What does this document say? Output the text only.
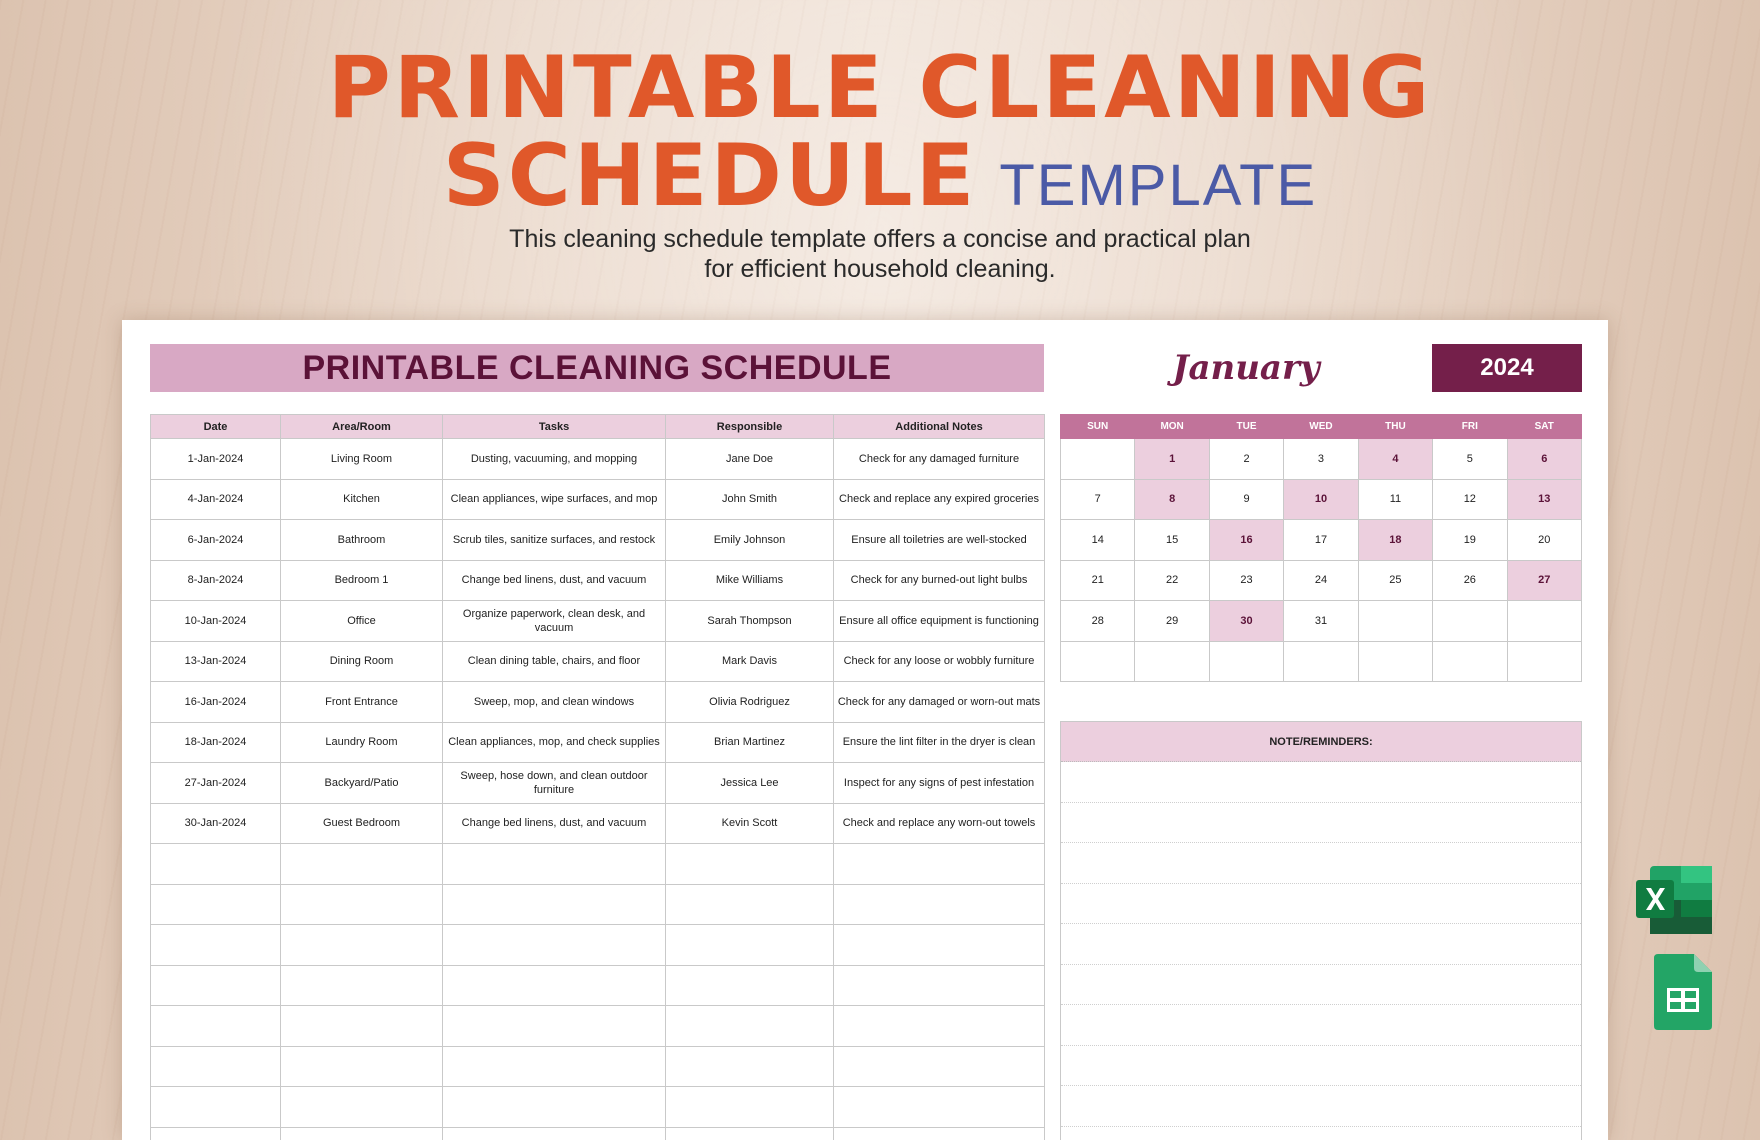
PRINTABLE CLEANING
SCHEDULE TEMPLATE
This cleaning schedule template offers a concise and practical plan
for efficient household cleaning.
PRINTABLE CLEANING SCHEDULE	January	2024
Date	Area/Room	Tasks	Responsible	Additional Notes
1-Jan-2024	Living Room	Dusting, vacuuming, and mopping	Jane Doe	Check for any damaged furniture
4-Jan-2024	Kitchen	Clean appliances, wipe surfaces, and mop	John Smith	Check and replace any expired groceries
6-Jan-2024	Bathroom	Scrub tiles, sanitize surfaces, and restock	Emily Johnson	Ensure all toiletries are well-stocked
8-Jan-2024	Bedroom 1	Change bed linens, dust, and vacuum	Mike Williams	Check for any burned-out light bulbs
10-Jan-2024	Office	Organize paperwork, clean desk, and vacuum	Sarah Thompson	Ensure all office equipment is functioning
13-Jan-2024	Dining Room	Clean dining table, chairs, and floor	Mark Davis	Check for any loose or wobbly furniture
16-Jan-2024	Front Entrance	Sweep, mop, and clean windows	Olivia Rodriguez	Check for any damaged or worn-out mats
18-Jan-2024	Laundry Room	Clean appliances, mop, and check supplies	Brian Martinez	Ensure the lint filter in the dryer is clean
27-Jan-2024	Backyard/Patio	Sweep, hose down, and clean outdoor furniture	Jessica Lee	Inspect for any signs of pest infestation
30-Jan-2024	Guest Bedroom	Change bed linens, dust, and vacuum	Kevin Scott	Check and replace any worn-out towels

SUN	MON	TUE	WED	THU	FRI	SAT
	1	2	3	4	5	6
7	8	9	10	11	12	13
14	15	16	17	18	19	20
21	22	23	24	25	26	27
28	29	30	31			

NOTE/REMINDERS:
